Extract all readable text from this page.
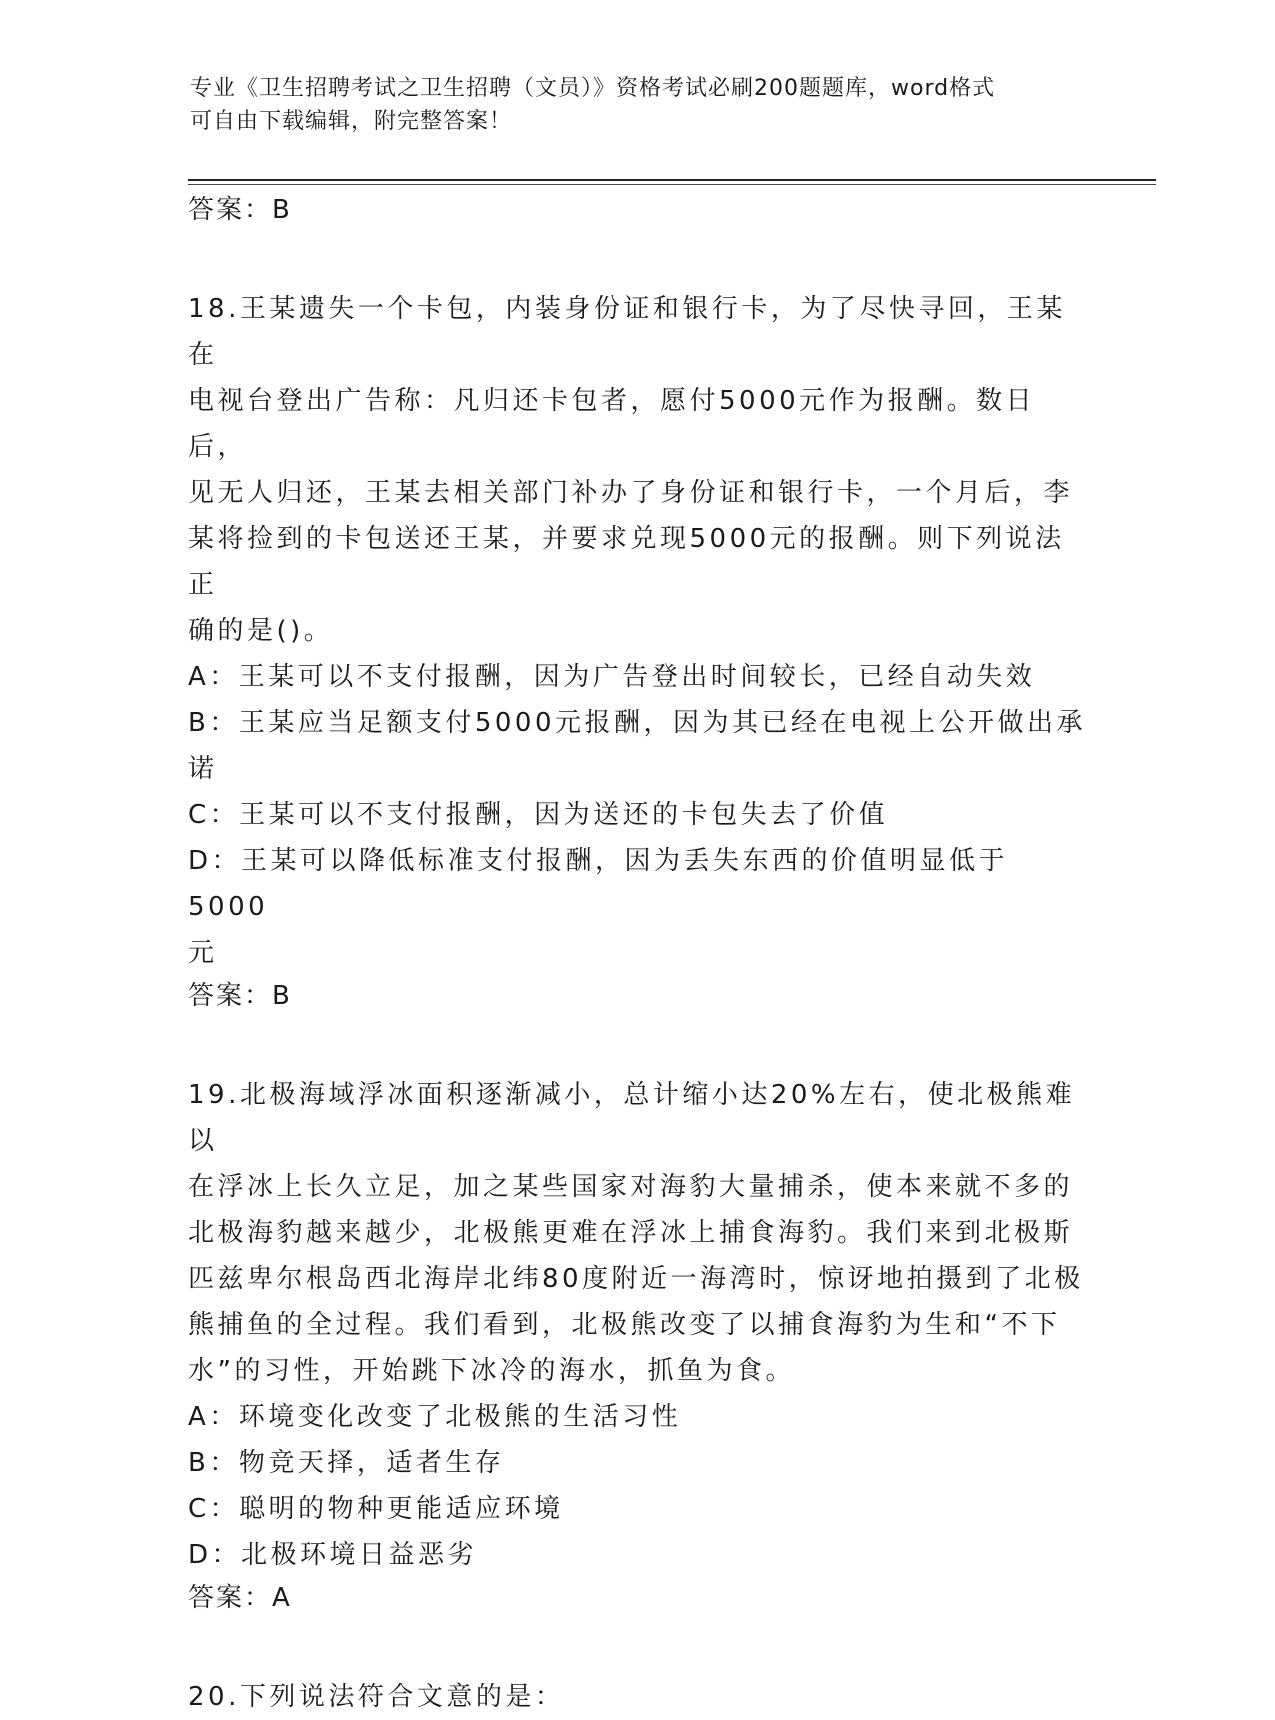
专业《卫生招聘考试之卫生招聘（文员）》资格考试必刷200题题库，word格式
可自由下载编辑，附完整答案！

答案：B

18.王某遗失一个卡包，内装身份证和银行卡，为了尽快寻回，王某在
电视台登出广告称：凡归还卡包者，愿付5000元作为报酬。数日后，
见无人归还，王某去相关部门补办了身份证和银行卡，一个月后，李
某将捡到的卡包送还王某，并要求兑现5000元的报酬。则下列说法正
确的是()。

A：王某可以不支付报酬，因为广告登出时间较长，已经自动失效

B：王某应当足额支付5000元报酬，因为其已经在电视上公开做出承
诺

C：王某可以不支付报酬，因为送还的卡包失去了价值

D：王某可以降低标准支付报酬，因为丢失东西的价值明显低于5000
元

答案：B

19.北极海域浮冰面积逐渐减小，总计缩小达20%左右，使北极熊难以
在浮冰上长久立足，加之某些国家对海豹大量捕杀，使本来就不多的
北极海豹越来越少，北极熊更难在浮冰上捕食海豹。我们来到北极斯
匹兹卑尔根岛西北海岸北纬80度附近一海湾时，惊讶地拍摄到了北极
熊捕鱼的全过程。我们看到，北极熊改变了以捕食海豹为生和“不下
水”的习性，开始跳下冰冷的海水，抓鱼为食。

A：环境变化改变了北极熊的生活习性

B：物竞天择，适者生存

C：聪明的物种更能适应环境

D：北极环境日益恶劣

答案：A

20.下列说法符合文意的是：
